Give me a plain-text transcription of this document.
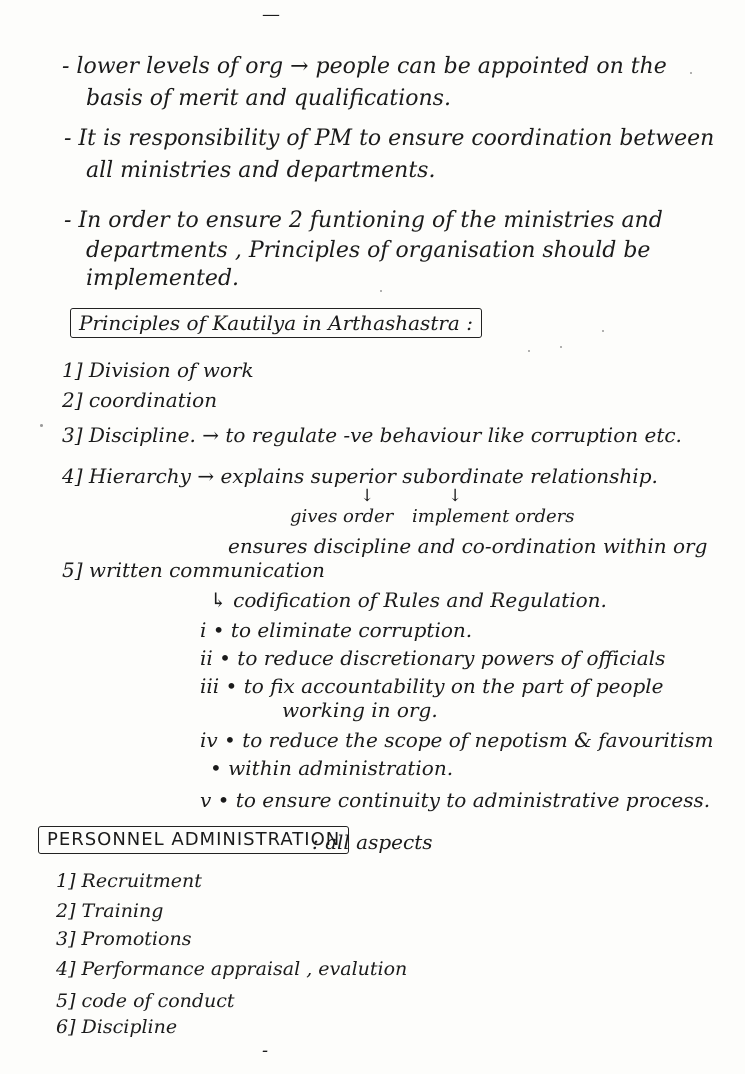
—
- lower levels of org → people can be appointed on the
basis of merit and qualifications.
- It is responsibility of PM to ensure coordination between
all ministries and departments.
- In order to ensure 2 funtioning of the ministries and
departments , Principles of organisation should be
implemented.
Principles of Kautilya in Arthashastra :
1] Division of work
2] coordination
3] Discipline. → to regulate -ve behaviour like corruption etc.
4] Hierarchy → explains superior subordinate relationship.
↓	↓
gives order implement orders
ensures discipline and co-ordination within org
5] written communication
↳ codification of Rules and Regulation.
i • to eliminate corruption.
ii • to reduce discretionary powers of officials
iii • to fix accountability on the part of people
working in org.
iv • to reduce the scope of nepotism & favouritism
• within administration.
v • to ensure continuity to administrative process.
PERSONNEL ADMINISTRATION
: all aspects
1] Recruitment
2] Training
3] Promotions
4] Performance appraisal , evalution
5] code of conduct
6] Discipline
-
